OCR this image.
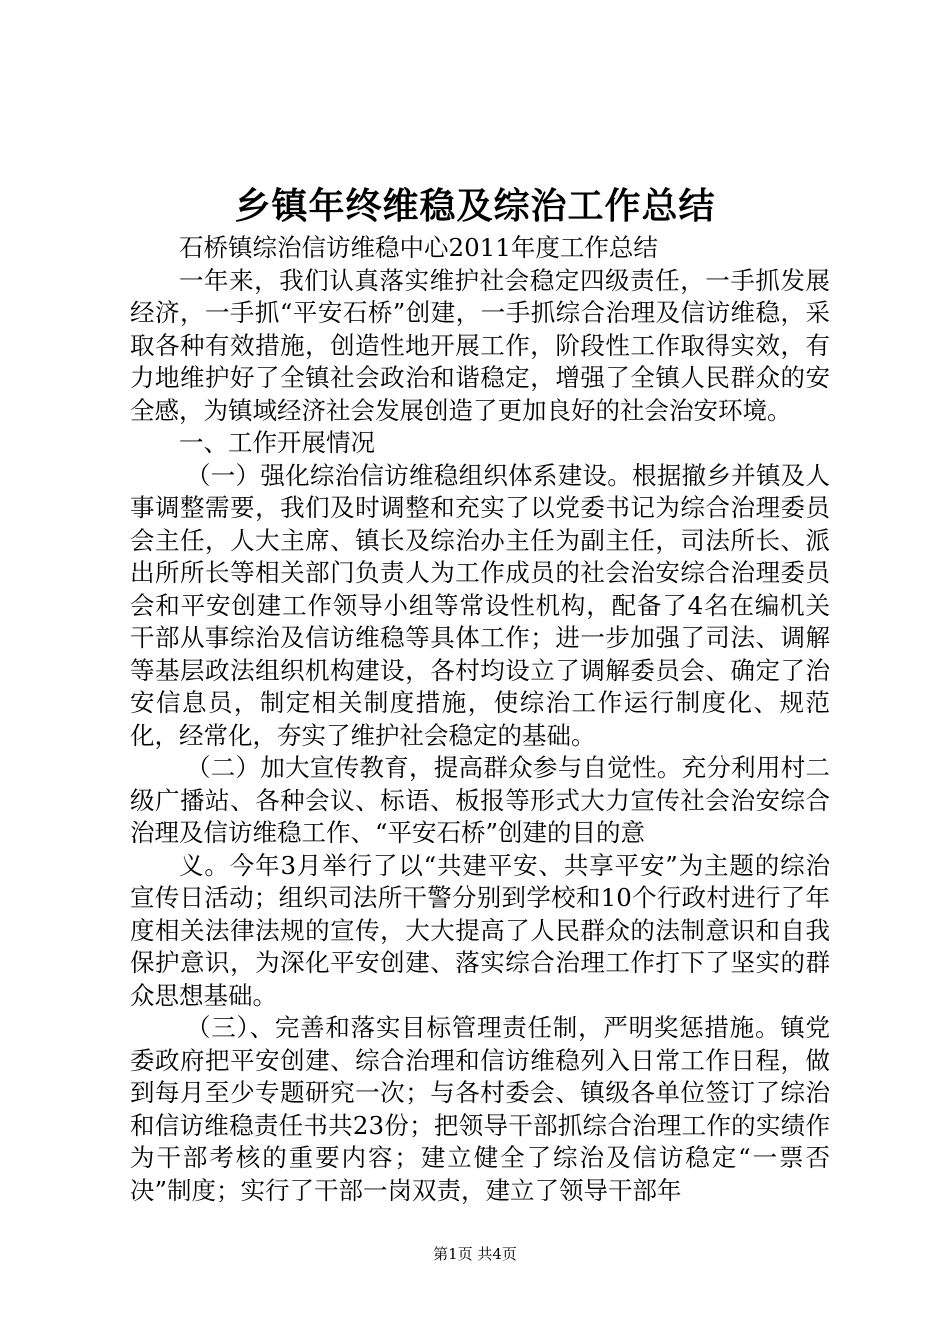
乡镇年终维稳及综治工作总结

石桥镇综治信访维稳中心2011年度工作总结

一年来，我们认真落实维护社会稳定四级责任，一手抓发展经济，一手抓“平安石桥”创建，一手抓综合治理及信访维稳，采取各种有效措施，创造性地开展工作，阶段性工作取得实效，有力地维护好了全镇社会政治和谐稳定，增强了全镇人民群众的安全感，为镇域经济社会发展创造了更加良好的社会治安环境。

一、工作开展情况

（一）强化综治信访维稳组织体系建设。根据撤乡并镇及人事调整需要，我们及时调整和充实了以党委书记为综合治理委员会主任，人大主席、镇长及综治办主任为副主任，司法所长、派出所所长等相关部门负责人为工作成员的社会治安综合治理委员会和平安创建工作领导小组等常设性机构，配备了4名在编机关干部从事综治及信访维稳等具体工作；进一步加强了司法、调解等基层政法组织机构建设，各村均设立了调解委员会、确定了治安信息员，制定相关制度措施，使综治工作运行制度化、规范化，经常化，夯实了维护社会稳定的基础。

（二）加大宣传教育，提高群众参与自觉性。充分利用村二级广播站、各种会议、标语、板报等形式大力宣传社会治安综合治理及信访维稳工作、“平安石桥”创建的目的意

义。今年3月举行了以“共建平安、共享平安”为主题的综治宣传日活动；组织司法所干警分别到学校和10个行政村进行了年度相关法律法规的宣传，大大提高了人民群众的法制意识和自我保护意识，为深化平安创建、落实综合治理工作打下了坚实的群众思想基础。

（三）、完善和落实目标管理责任制，严明奖惩措施。镇党委政府把平安创建、综合治理和信访维稳列入日常工作日程，做到每月至少专题研究一次；与各村委会、镇级各单位签订了综治和信访维稳责任书共23份；把领导干部抓综合治理工作的实绩作为干部考核的重要内容；建立健全了综治及信访稳定“一票否决”制度；实行了干部一岗双责，建立了领导干部年

第1页 共4页
